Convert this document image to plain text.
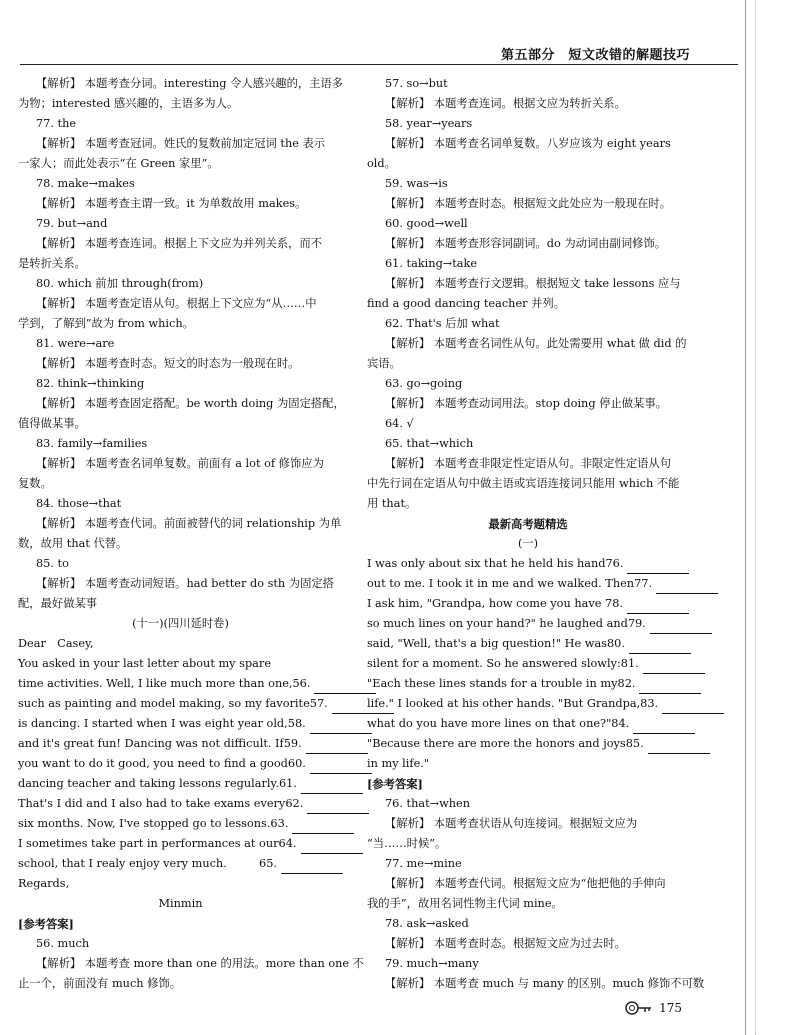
第五部分　短文改错的解题技巧
【解析】 本题考查分词。interesting 令人感兴趣的，主语多
为物；interested 感兴趣的，主语多为人。
77. the
【解析】 本题考查冠词。姓氏的复数前加定冠词 the 表示
一家人；而此处表示“在 Green 家里”。
78. make→makes
【解析】 本题考查主谓一致。it 为单数故用 makes。
79. but→and
【解析】 本题考查连词。根据上下文应为并列关系，而不
是转折关系。
80. which 前加 through(from)
【解析】 本题考查定语从句。根据上下文应为“从……中
学到，了解到”故为 from which。
81. were→are
【解析】 本题考查时态。短文的时态为一般现在时。
82. think→thinking
【解析】 本题考查固定搭配。be worth doing 为固定搭配，
值得做某事。
83. family→families
【解析】 本题考查名词单复数。前面有 a lot of 修饰应为
复数。
84. those→that
【解析】 本题考查代词。前面被替代的词 relationship 为单
数，故用 that 代替。
85. to
【解析】 本题考查动词短语。had better do sth 为固定搭
配，最好做某事
(十一)(四川延时卷)
Dear　Casey,
You asked in your last letter about my spare
time activities. Well, I like much more than one, 56.
such as painting and model making, so my favorite 57.
is dancing. I started when I was eight year old, 58.
and it's great fun! Dancing was not difficult. If 59.
you want to do it good, you need to find a good 60.
dancing teacher and taking lessons regularly. 61.
That's I did and I also had to take exams every 62.
six months. Now, I've stopped go to lessons. 63.
I sometimes take part in performances at our 64.
school, that I realy enjoy very much.	65.
Regards,
Minmin
[参考答案]
56. much
【解析】 本题考查 more than one 的用法。more than one 不
止一个，前面没有 much 修饰。
57. so→but
【解析】 本题考查连词。根据文应为转折关系。
58. year→years
【解析】 本题考查名词单复数。八岁应该为 eight years
old。
59. was→is
【解析】 本题考查时态。根据短文此处应为一般现在时。
60. good→well
【解析】 本题考查形容词副词。do 为动词由副词修饰。
61. taking→take
【解析】 本题考查行文逻辑。根据短文 take lessons 应与
find a good dancing teacher 并列。
62. That's 后加 what
【解析】 本题考查名词性从句。此处需要用 what 做 did 的
宾语。
63. go→going
【解析】 本题考查动词用法。stop doing 停止做某事。
64. √
65. that→which
【解析】 本题考查非限定性定语从句。非限定性定语从句
中先行词在定语从句中做主语或宾语连接词只能用 which 不能
用 that。
最新高考题精选
(一)
I was only about six that he held his hand 76.
out to me. I took it in me and we walked. Then 77.
I ask him, "Grandpa, how come you have 78.
so much lines on your hand?" he laughed and 79.
said, "Well, that's a big question!" He was 80.
silent for a moment. So he answered slowly: 81.
"Each these lines stands for a trouble in my 82.
life." I looked at his other hands. "But Grandpa, 83.
what do you have more lines on that one?" 84.
"Because there are more the honors and joys 85.
in my life."
[参考答案]
76. that→when
【解析】 本题考查状语从句连接词。根据短文应为
“当……时候”。
77. me→mine
【解析】 本题考查代词。根据短文应为“他把他的手伸向
我的手”，故用名词性物主代词 mine。
78. ask→asked
【解析】 本题考查时态。根据短文应为过去时。
79. much→many
【解析】 本题考查 much 与 many 的区别。much 修饰不可数
175
